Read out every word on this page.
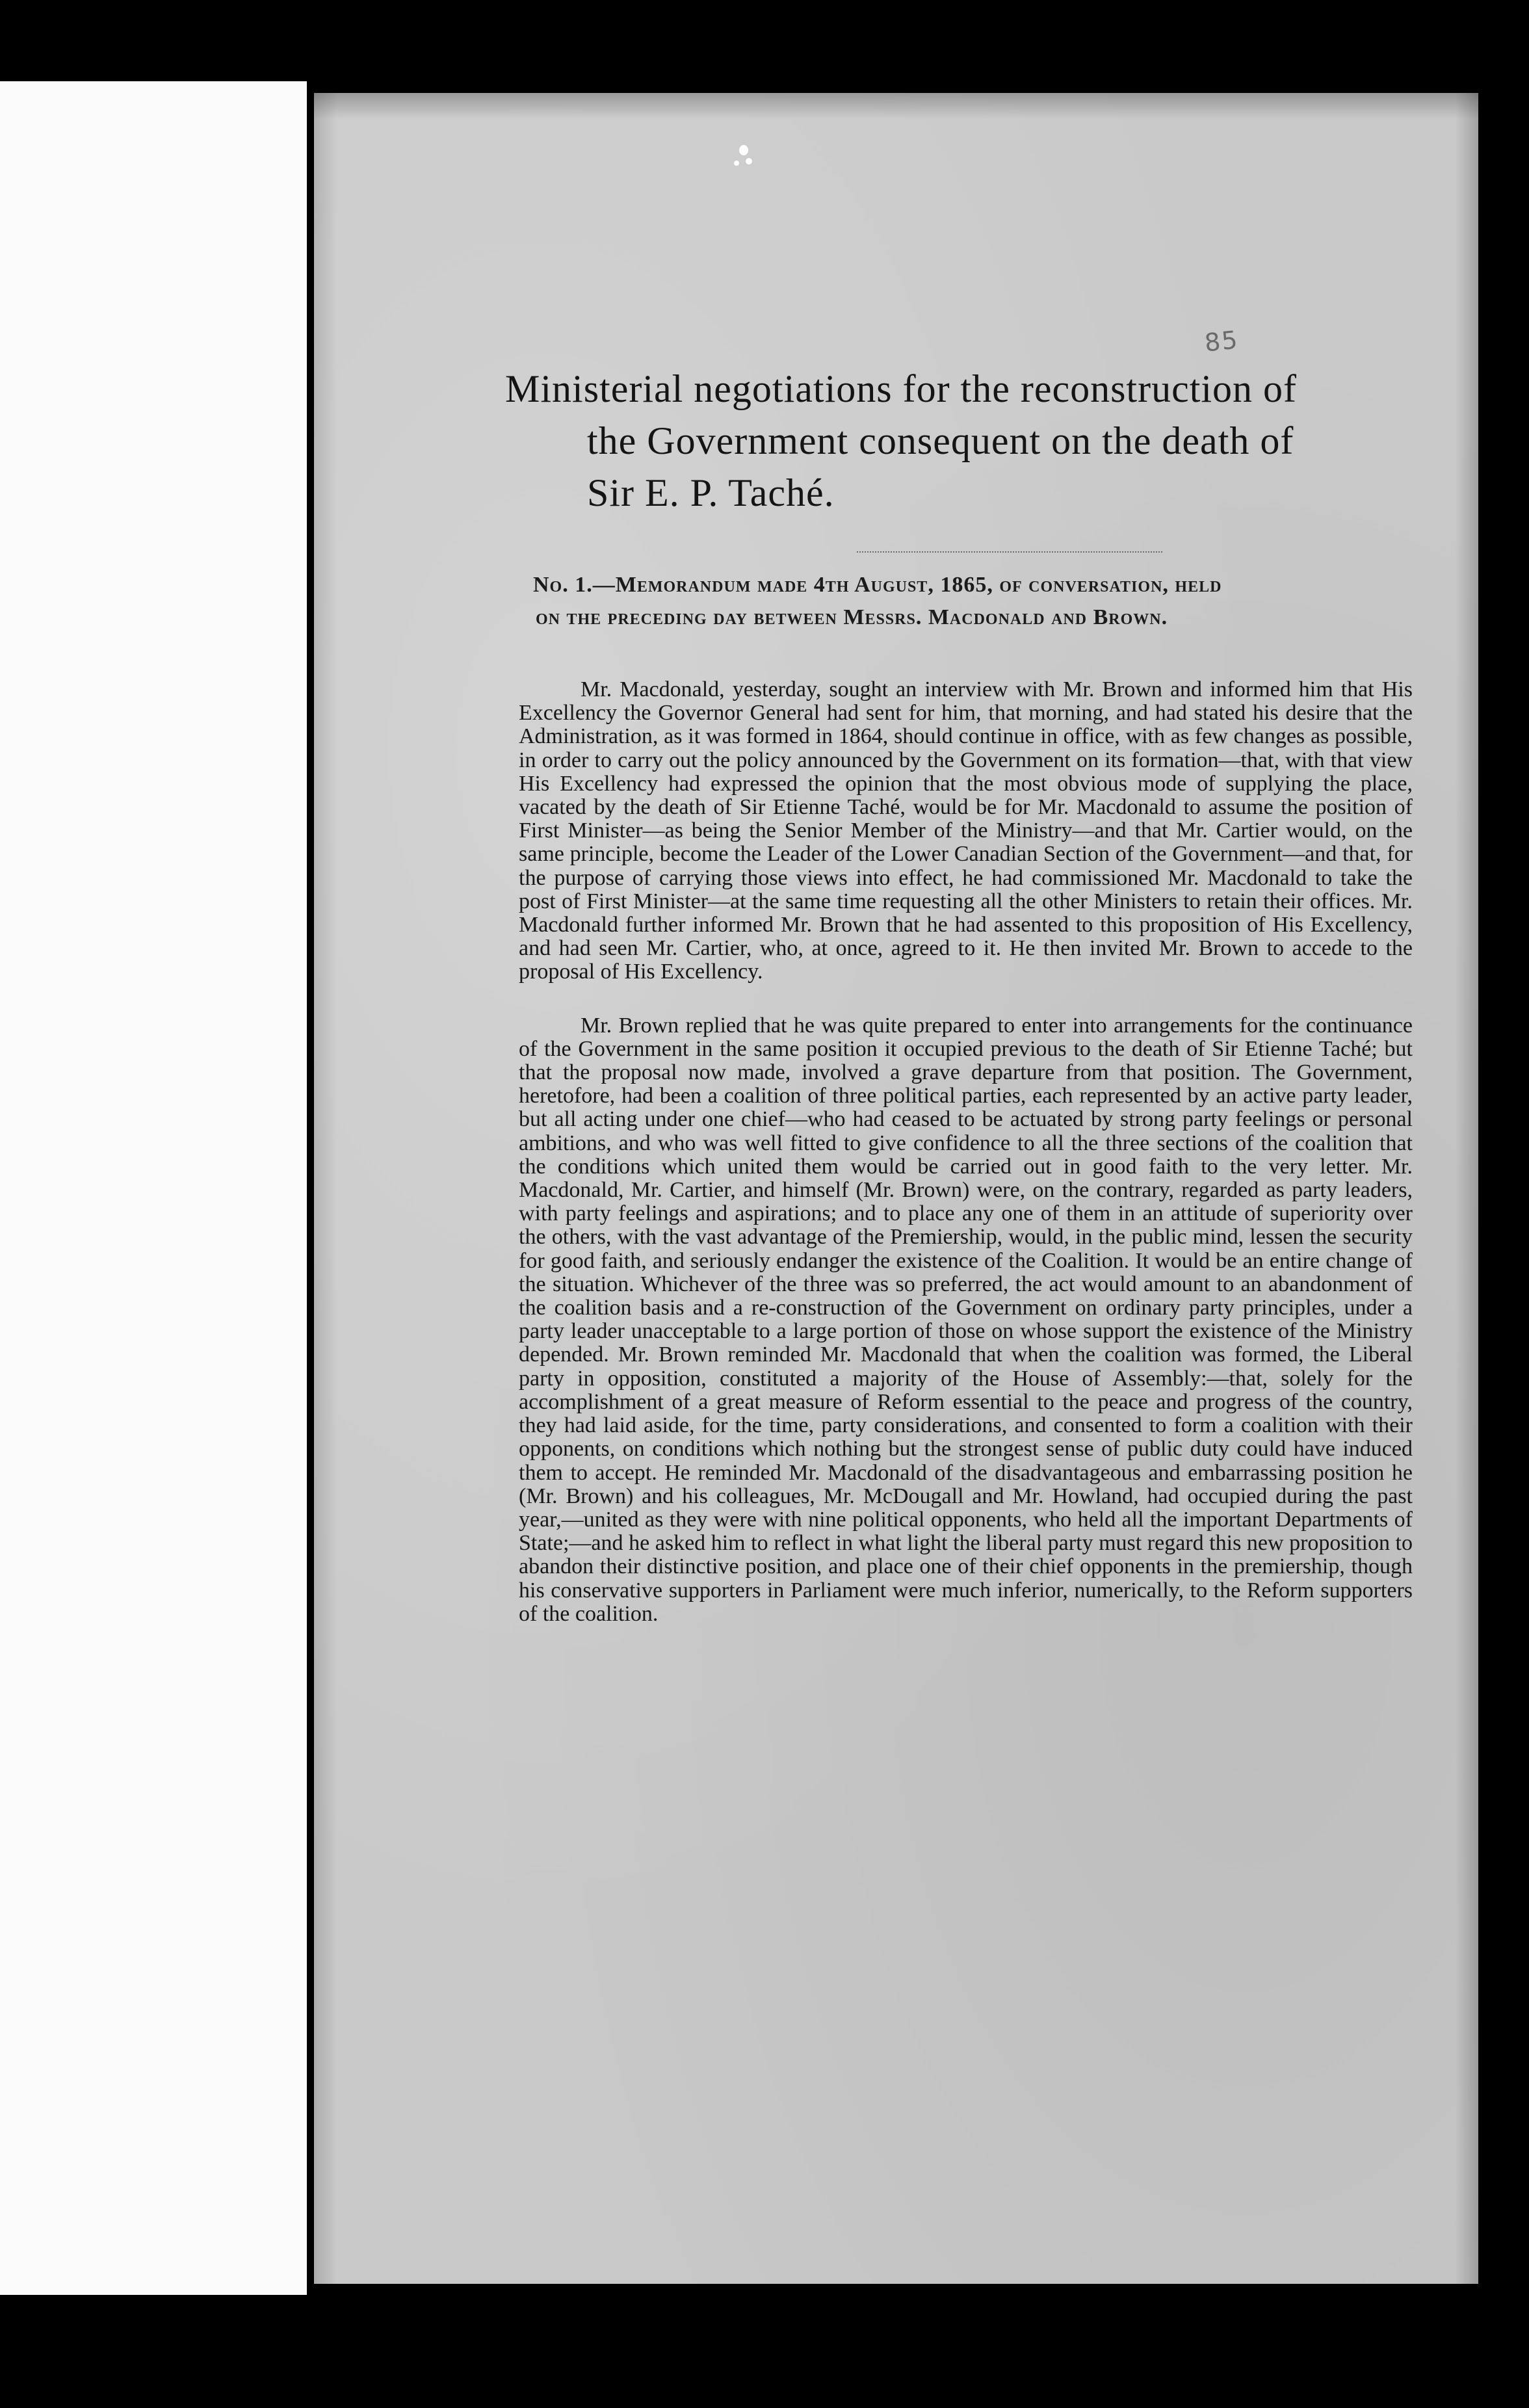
85
Ministerial negotiations for the reconstruction of
the Government consequent on the death of
Sir E. P. Taché.
No. 1.—Memorandum made 4th August, 1865, of conversation, held
on the preceding day between Messrs. Macdonald and Brown.

Mr. Macdonald, yesterday, sought an interview with Mr. Brown and informed him that His Excellency the Governor General had sent for him, that morning, and had stated his desire that the Administration, as it was formed in 1864, should continue in office, with as few changes as possible, in order to carry out the policy announced by the Government on its formation—that, with that view His Excellency had expressed the opinion that the most obvious mode of supplying the place, vacated by the death of Sir Etienne Taché, would be for Mr. Macdonald to assume the position of First Minister—as being the Senior Member of the Ministry—and that Mr. Cartier would, on the same principle, become the Leader of the Lower Canadian Section of the Government—and that, for the purpose of carrying those views into effect, he had commissioned Mr. Macdonald to take the post of First Minister—at the same time requesting all the other Ministers to retain their offices. Mr. Macdonald further informed Mr. Brown that he had assented to this proposition of His Excellency, and had seen Mr. Cartier, who, at once, agreed to it. He then invited Mr. Brown to accede to the proposal of His Excellency.

Mr. Brown replied that he was quite prepared to enter into arrangements for the continuance of the Government in the same position it occupied previous to the death of Sir Etienne Taché; but that the proposal now made, involved a grave departure from that position. The Government, heretofore, had been a coalition of three political parties, each represented by an active party leader, but all acting under one chief—who had ceased to be actuated by strong party feelings or personal ambitions, and who was well fitted to give confidence to all the three sections of the coalition that the conditions which united them would be carried out in good faith to the very letter. Mr. Macdonald, Mr. Cartier, and himself (Mr. Brown) were, on the contrary, regarded as party leaders, with party feelings and aspirations; and to place any one of them in an attitude of superiority over the others, with the vast advantage of the Premiership, would, in the public mind, lessen the security for good faith, and seriously endanger the existence of the Coalition. It would be an entire change of the situation. Whichever of the three was so preferred, the act would amount to an abandonment of the coalition basis and a re-construction of the Government on ordinary party principles, under a party leader unacceptable to a large portion of those on whose support the existence of the Ministry depended. Mr. Brown reminded Mr. Macdonald that when the coalition was formed, the Liberal party in opposition, constituted a majority of the House of Assembly:—that, solely for the accomplishment of a great measure of Reform essential to the peace and progress of the country, they had laid aside, for the time, party considerations, and consented to form a coalition with their opponents, on conditions which nothing but the strongest sense of public duty could have induced them to accept. He reminded Mr. Macdonald of the disadvantageous and embarrassing position he (Mr. Brown) and his colleagues, Mr. McDougall and Mr. Howland, had occupied during the past year,—united as they were with nine political opponents, who held all the important Departments of State;—and he asked him to reflect in what light the liberal party must regard this new proposition to abandon their distinctive position, and place one of their chief opponents in the premiership, though his conservative supporters in Parliament were much inferior, numerically, to the Reform supporters of the coalition.
